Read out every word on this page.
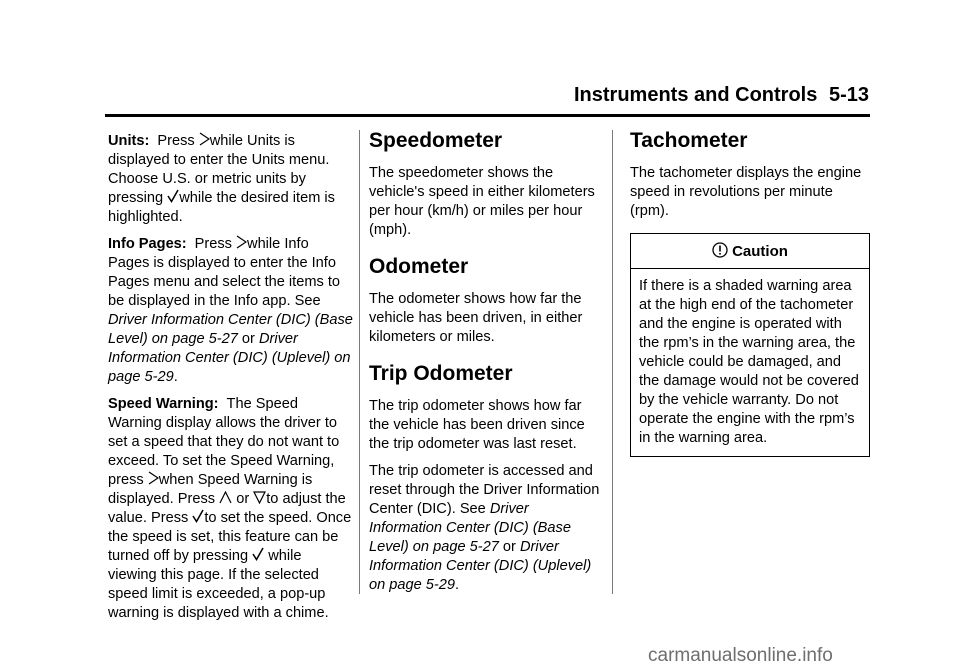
Instruments and Controls 5-13

Units: Press while Units is displayed to enter the Units menu. Choose U.S. or metric units by pressing while the desired item is highlighted.

Info Pages: Press while Info Pages is displayed to enter the Info Pages menu and select the items to be displayed in the Info app. See Driver Information Center (DIC) (Base Level) on page 5-27 or Driver Information Center (DIC) (Uplevel) on page 5-29.

Speed Warning: The Speed Warning display allows the driver to set a speed that they do not want to exceed. To set the Speed Warning, press when Speed Warning is displayed. Press or to adjust the value. Press to set the speed. Once the speed is set, this feature can be turned off by pressing while viewing this page. If the selected speed limit is exceeded, a pop-up warning is displayed with a chime.

Speedometer

The speedometer shows the vehicle's speed in either kilometers per hour (km/h) or miles per hour (mph).

Odometer

The odometer shows how far the vehicle has been driven, in either kilometers or miles.

Trip Odometer

The trip odometer shows how far the vehicle has been driven since the trip odometer was last reset.

The trip odometer is accessed and reset through the Driver Information Center (DIC). See Driver Information Center (DIC) (Base Level) on page 5-27 or Driver Information Center (DIC) (Uplevel) on page 5-29.

Tachometer

The tachometer displays the engine speed in revolutions per minute (rpm).

Caution
If there is a shaded warning area at the high end of the tachometer and the engine is operated with the rpm’s in the warning area, the vehicle could be damaged, and the damage would not be covered by the vehicle warranty. Do not operate the engine with the rpm’s in the warning area.
carmanualsonline.info
